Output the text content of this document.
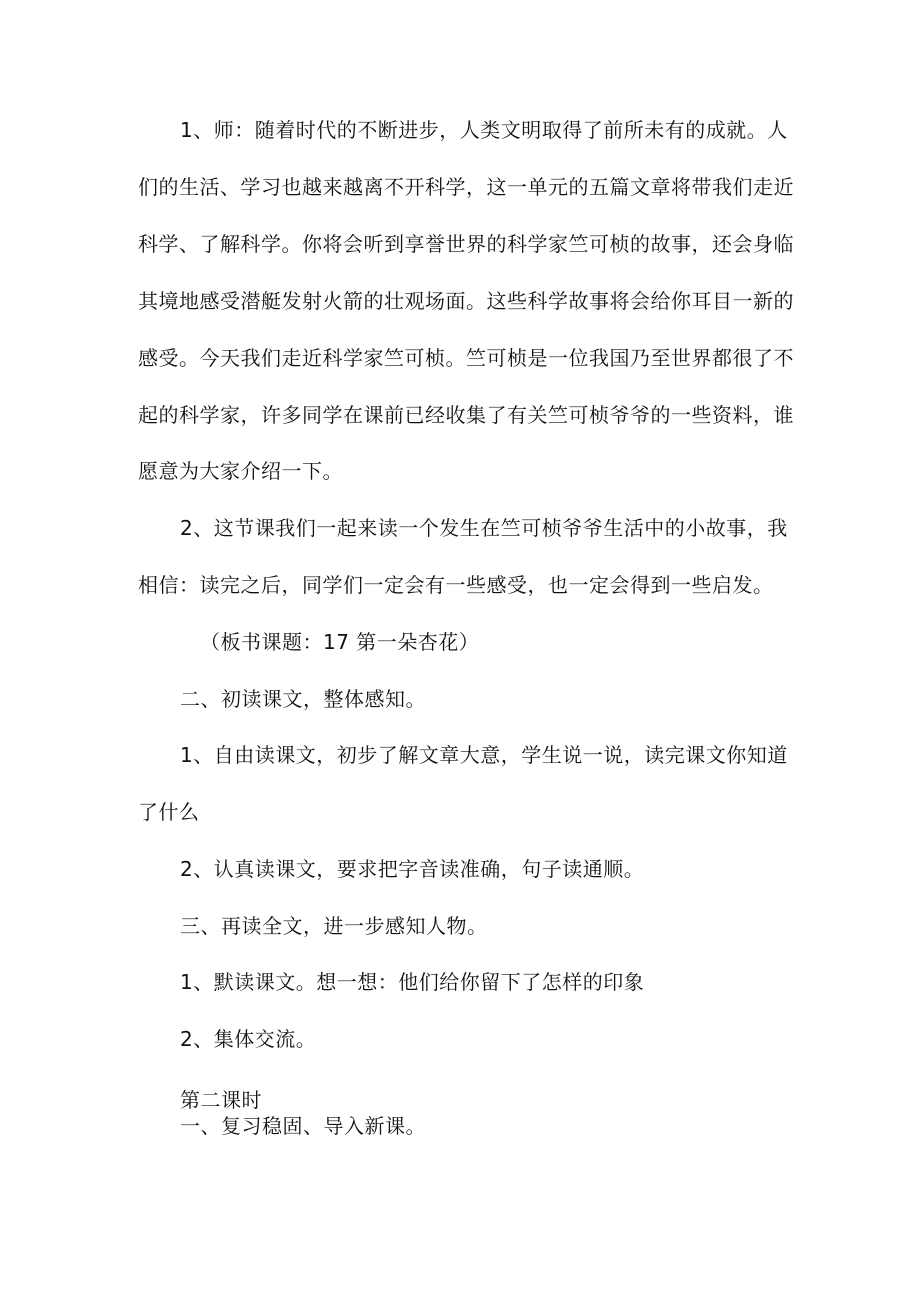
1、师：随着时代的不断进步，人类文明取得了前所未有的成就。人
们的生活、学习也越来越离不开科学，这一单元的五篇文章将带我们走近
科学、了解科学。你将会听到享誉世界的科学家竺可桢的故事，还会身临
其境地感受潜艇发射火箭的壮观场面。这些科学故事将会给你耳目一新的
感受。今天我们走近科学家竺可桢。竺可桢是一位我国乃至世界都很了不
起的科学家，许多同学在课前已经收集了有关竺可桢爷爷的一些资料，谁
愿意为大家介绍一下。
2、这节课我们一起来读一个发生在竺可桢爷爷生活中的小故事，我
相信：读完之后，同学们一定会有一些感受，也一定会得到一些启发。
（板书课题：17 第一朵杏花）
二、初读课文，整体感知。
1、自由读课文，初步了解文章大意，学生说一说，读完课文你知道
了什么
2、认真读课文，要求把字音读准确，句子读通顺。
三、再读全文，进一步感知人物。
1、默读课文。想一想：他们给你留下了怎样的印象
2、集体交流。
第二课时
一、复习稳固、导入新课。
